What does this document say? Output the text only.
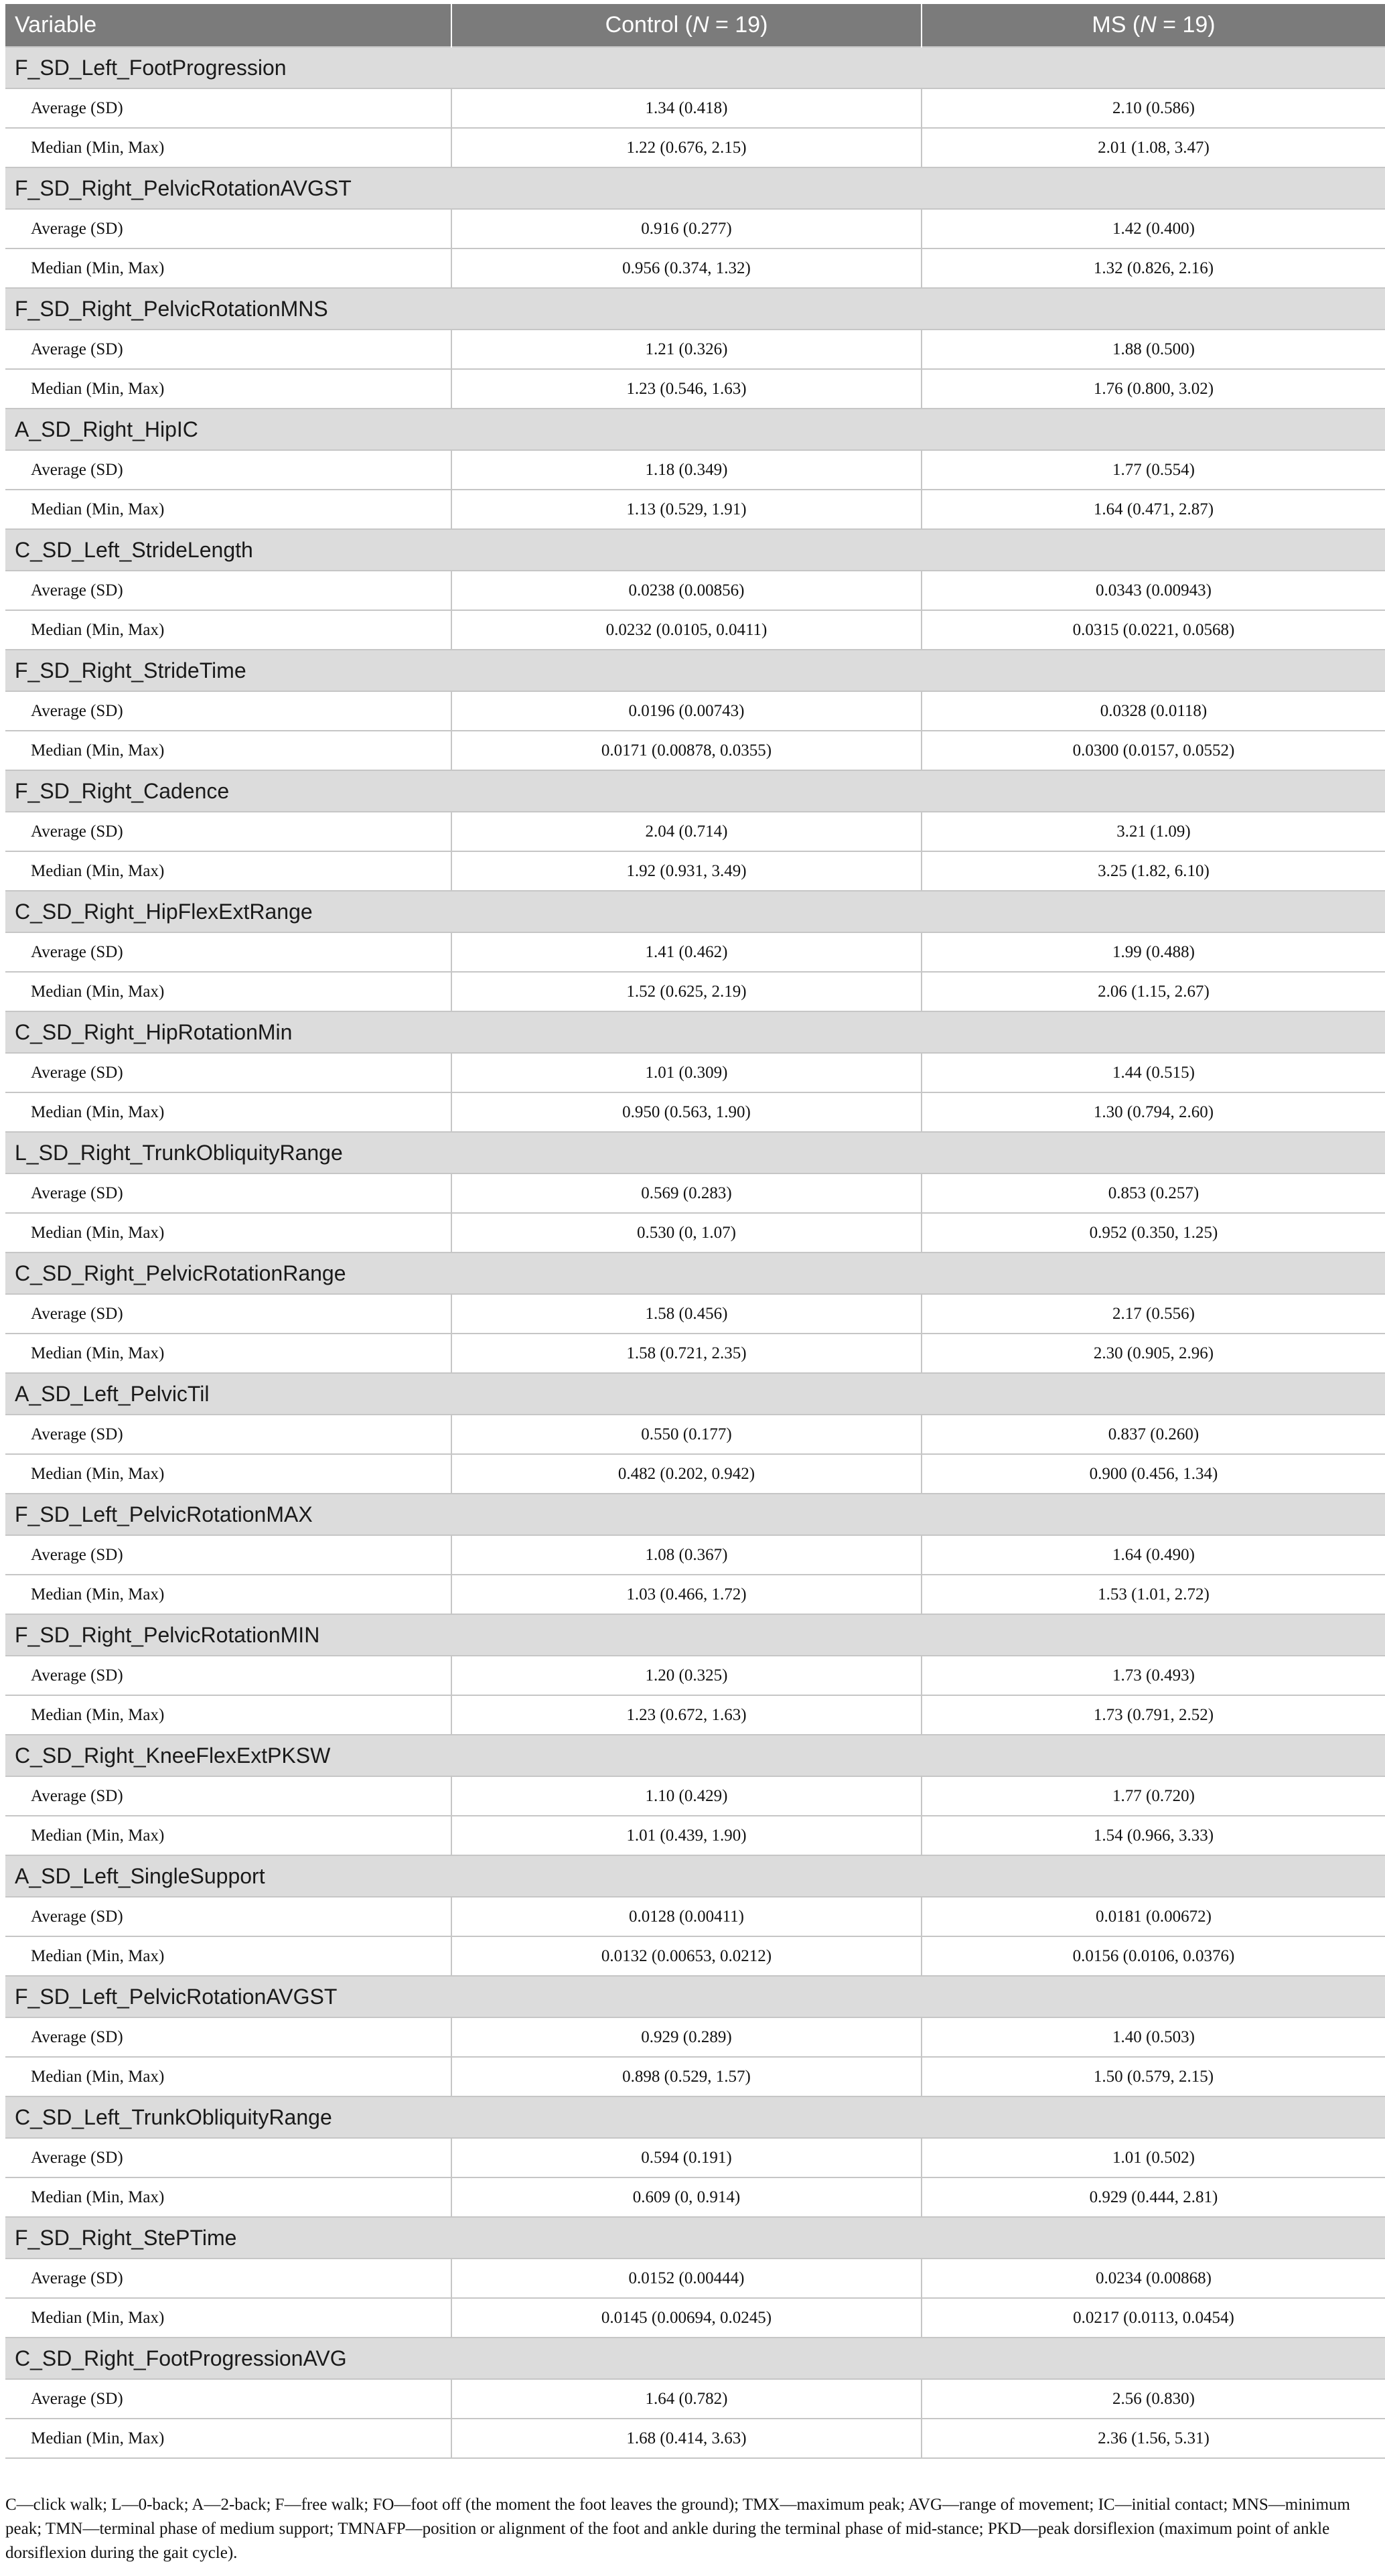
Variable	Control (N = 19)	MS (N = 19)
F_SD_Left_FootProgression		
Average (SD)	1.34 (0.418)	2.10 (0.586)
Median (Min, Max)	1.22 (0.676, 2.15)	2.01 (1.08, 3.47)
F_SD_Right_PelvicRotationAVGST		
Average (SD)	0.916 (0.277)	1.42 (0.400)
Median (Min, Max)	0.956 (0.374, 1.32)	1.32 (0.826, 2.16)
F_SD_Right_PelvicRotationMNS		
Average (SD)	1.21 (0.326)	1.88 (0.500)
Median (Min, Max)	1.23 (0.546, 1.63)	1.76 (0.800, 3.02)
A_SD_Right_HipIC		
Average (SD)	1.18 (0.349)	1.77 (0.554)
Median (Min, Max)	1.13 (0.529, 1.91)	1.64 (0.471, 2.87)
C_SD_Left_StrideLength		
Average (SD)	0.0238 (0.00856)	0.0343 (0.00943)
Median (Min, Max)	0.0232 (0.0105, 0.0411)	0.0315 (0.0221, 0.0568)
F_SD_Right_StrideTime		
Average (SD)	0.0196 (0.00743)	0.0328 (0.0118)
Median (Min, Max)	0.0171 (0.00878, 0.0355)	0.0300 (0.0157, 0.0552)
F_SD_Right_Cadence		
Average (SD)	2.04 (0.714)	3.21 (1.09)
Median (Min, Max)	1.92 (0.931, 3.49)	3.25 (1.82, 6.10)
C_SD_Right_HipFlexExtRange		
Average (SD)	1.41 (0.462)	1.99 (0.488)
Median (Min, Max)	1.52 (0.625, 2.19)	2.06 (1.15, 2.67)
C_SD_Right_HipRotationMin		
Average (SD)	1.01 (0.309)	1.44 (0.515)
Median (Min, Max)	0.950 (0.563, 1.90)	1.30 (0.794, 2.60)
L_SD_Right_TrunkObliquityRange		
Average (SD)	0.569 (0.283)	0.853 (0.257)
Median (Min, Max)	0.530 (0, 1.07)	0.952 (0.350, 1.25)
C_SD_Right_PelvicRotationRange		
Average (SD)	1.58 (0.456)	2.17 (0.556)
Median (Min, Max)	1.58 (0.721, 2.35)	2.30 (0.905, 2.96)
A_SD_Left_PelvicTil		
Average (SD)	0.550 (0.177)	0.837 (0.260)
Median (Min, Max)	0.482 (0.202, 0.942)	0.900 (0.456, 1.34)
F_SD_Left_PelvicRotationMAX		
Average (SD)	1.08 (0.367)	1.64 (0.490)
Median (Min, Max)	1.03 (0.466, 1.72)	1.53 (1.01, 2.72)
F_SD_Right_PelvicRotationMIN		
Average (SD)	1.20 (0.325)	1.73 (0.493)
Median (Min, Max)	1.23 (0.672, 1.63)	1.73 (0.791, 2.52)
C_SD_Right_KneeFlexExtPKSW		
Average (SD)	1.10 (0.429)	1.77 (0.720)
Median (Min, Max)	1.01 (0.439, 1.90)	1.54 (0.966, 3.33)
A_SD_Left_SingleSupport		
Average (SD)	0.0128 (0.00411)	0.0181 (0.00672)
Median (Min, Max)	0.0132 (0.00653, 0.0212)	0.0156 (0.0106, 0.0376)
F_SD_Left_PelvicRotationAVGST		
Average (SD)	0.929 (0.289)	1.40 (0.503)
Median (Min, Max)	0.898 (0.529, 1.57)	1.50 (0.579, 2.15)
C_SD_Left_TrunkObliquityRange		
Average (SD)	0.594 (0.191)	1.01 (0.502)
Median (Min, Max)	0.609 (0, 0.914)	0.929 (0.444, 2.81)
F_SD_Right_StePTime		
Average (SD)	0.0152 (0.00444)	0.0234 (0.00868)
Median (Min, Max)	0.0145 (0.00694, 0.0245)	0.0217 (0.0113, 0.0454)
C_SD_Right_FootProgressionAVG		
Average (SD)	1.64 (0.782)	2.56 (0.830)
Median (Min, Max)	1.68 (0.414, 3.63)	2.36 (1.56, 5.31)
C—click walk; L—0-back; A—2-back; F—free walk; FO—foot off (the moment the foot leaves the ground); TMX—maximum peak; AVG—range of movement; IC—initial contact; MNS—minimum peak; TMN—terminal phase of medium support; TMNAFP—position or alignment of the foot and ankle during the terminal phase of mid-stance; PKD—peak dorsiflexion (maximum point of ankle dorsiflexion during the gait cycle).
